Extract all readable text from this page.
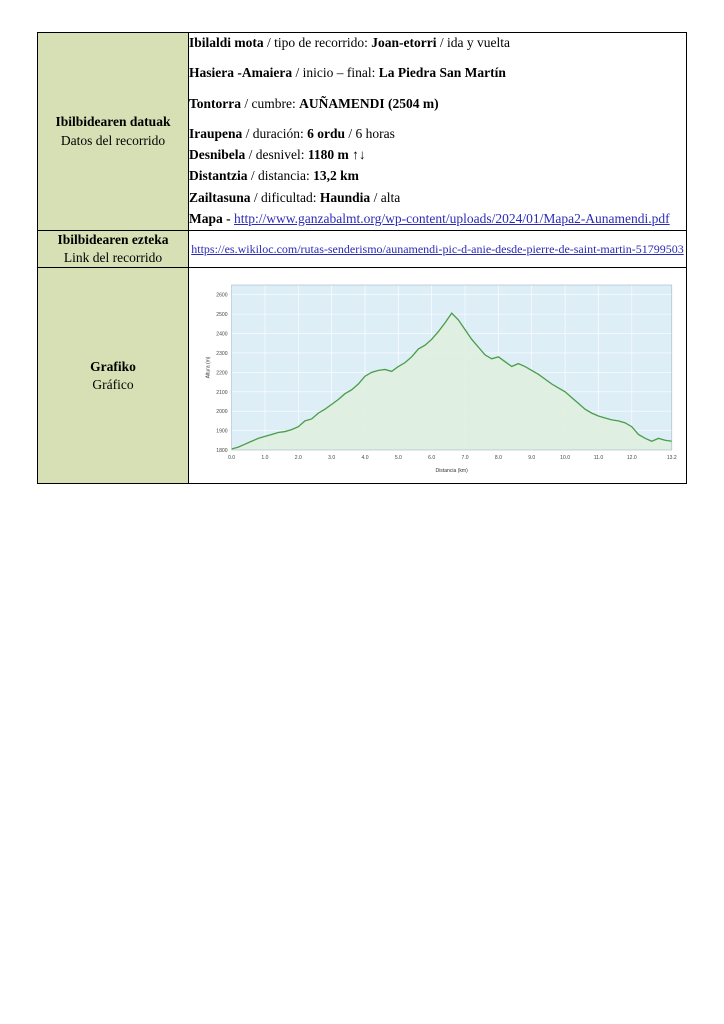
Ibilbidearen datuak
Datos del recorrido

Ibilaldi mota / tipo de recorrido: Joan-etorri / ida y vuelta
Hasiera -Amaiera / inicio – final: La Piedra San Martín
Tontorra / cumbre: AUÑAMENDI (2504 m)
Iraupena / duración: 6 ordu / 6 horas
Desnibela / desnivel: 1180 m ↑↓
Distantzia / distancia: 13,2 km
Zailtasuna / dificultad: Haundia / alta
Mapa - http://www.ganzabalmt.org/wp-content/uploads/2024/01/Mapa2-Aunamendi.pdf

Ibilbidearen ezteka
Link del recorrido	https://es.wikiloc.com/rutas-senderismo/aunamendi-pic-d-anie-desde-pierre-de-saint-martin-51799503

Grafiko
Gráfico

1800
1900
2000
2100
2200
2300
2400
2500
2600
0.0	1.0	2.0	3.0	4.0	5.0	6.0	7.0	8.0	9.0	10.0	11.0	12.0	13.2
Distancia (km)
Altura (m)
